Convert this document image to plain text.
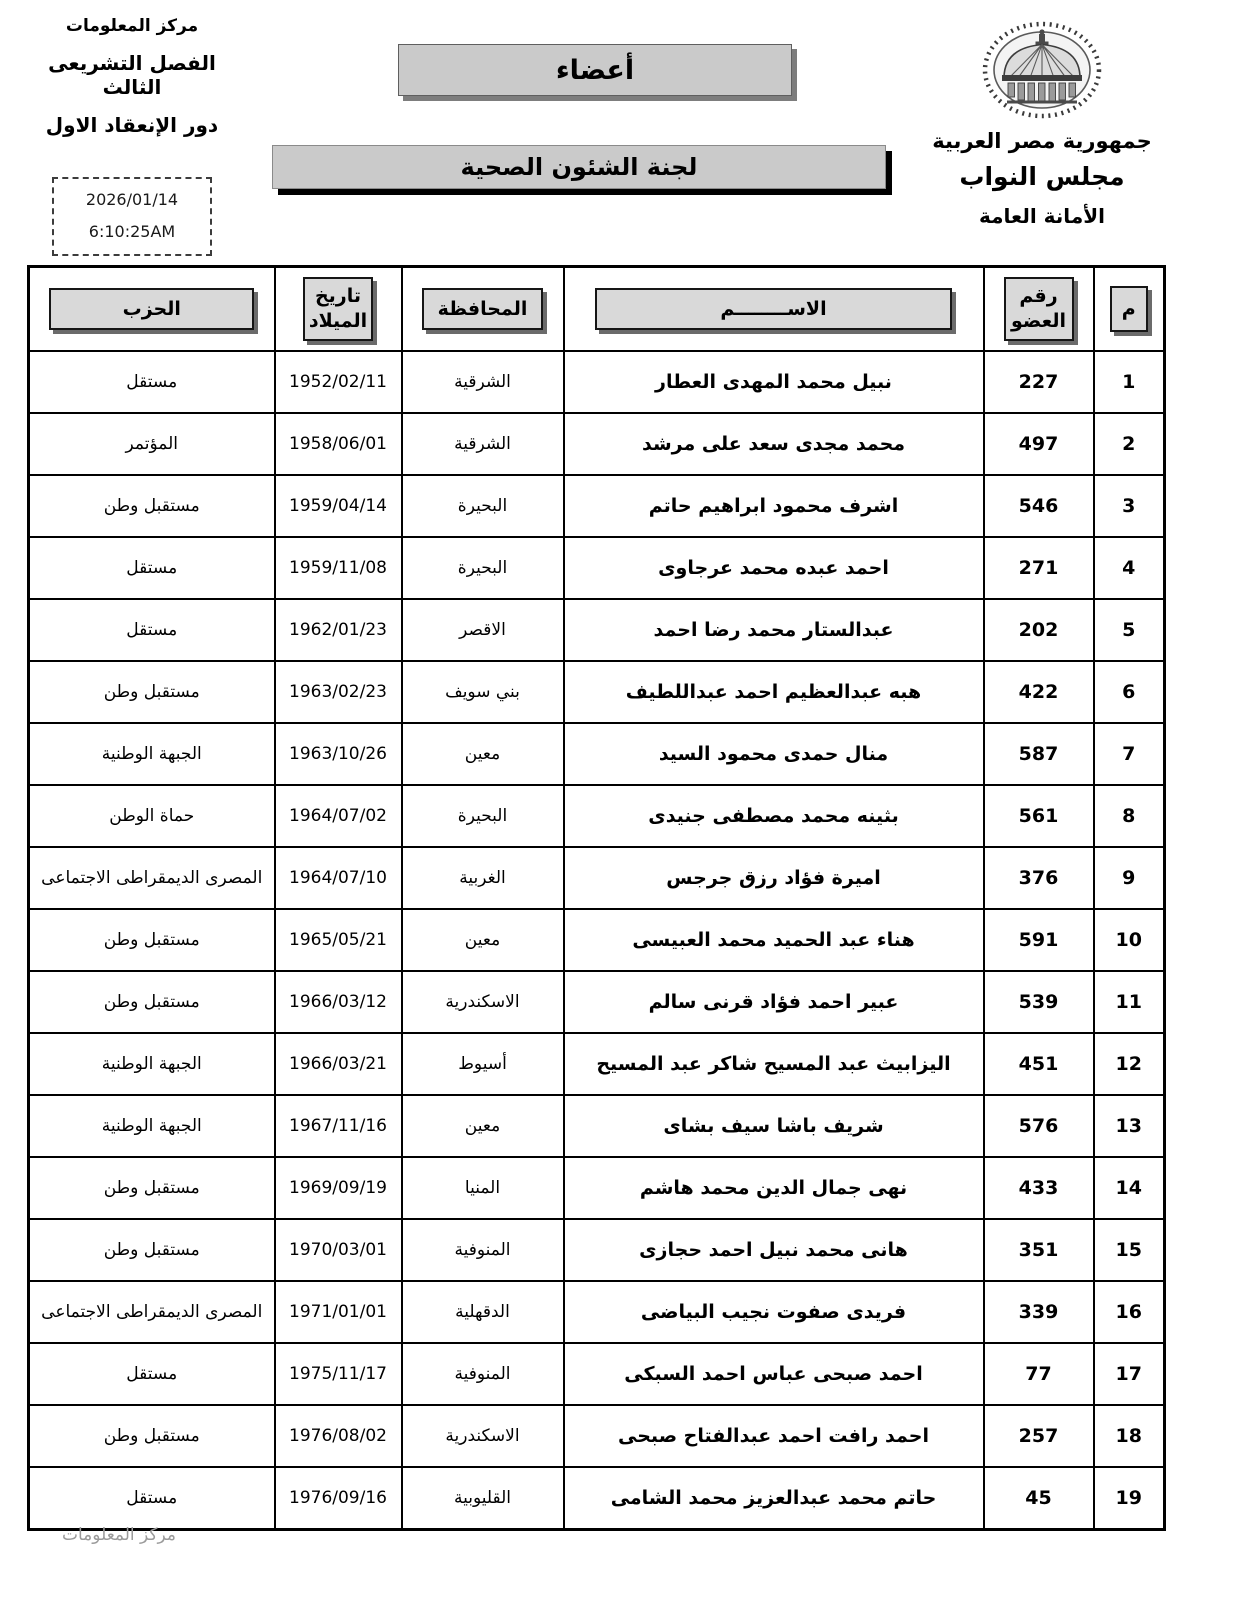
مركز المعلومات
الفصل التشريعى الثالث
دور الإنعقاد الاول
2026/01/14
6:10:25AM
أعضاء
لجنة الشئون الصحية
جمهورية مصر العربية
مجلس النواب
الأمانة العامة
م	رقم العضو	الاســــــــم	المحافظة	تاريخ الميلاد	الحزب

1	227	نبيل محمد المهدى العطار	الشرقية	1952/02/11	مستقل
2	497	محمد مجدى سعد على مرشد	الشرقية	1958/06/01	المؤتمر
3	546	اشرف محمود ابراهيم حاتم	البحيرة	1959/04/14	مستقبل وطن
4	271	احمد عبده محمد عرجاوى	البحيرة	1959/11/08	مستقل
5	202	عبدالستار محمد رضا احمد	الاقصر	1962/01/23	مستقل
6	422	هبه عبدالعظيم احمد عبداللطيف	بني سويف	1963/02/23	مستقبل وطن
7	587	منال حمدى محمود السيد	معين	1963/10/26	الجبهة الوطنية
8	561	بثينه محمد مصطفى جنيدى	البحيرة	1964/07/02	حماة الوطن
9	376	اميرة فؤاد رزق جرجس	الغربية	1964/07/10	المصرى الديمقراطى الاجتماعى
10	591	هناء عبد الحميد محمد العبيسى	معين	1965/05/21	مستقبل وطن
11	539	عبير احمد فؤاد قرنى سالم	الاسكندرية	1966/03/12	مستقبل وطن
12	451	اليزابيث عبد المسيح شاكر عبد المسيح	أسيوط	1966/03/21	الجبهة الوطنية
13	576	شريف باشا سيف بشاى	معين	1967/11/16	الجبهة الوطنية
14	433	نهى جمال الدين محمد هاشم	المنيا	1969/09/19	مستقبل وطن
15	351	هانى محمد نبيل احمد حجازى	المنوفية	1970/03/01	مستقبل وطن
16	339	فريدى صفوت نجيب البياضى	الدقهلية	1971/01/01	المصرى الديمقراطى الاجتماعى
17	77	احمد صبحى عباس احمد السبكى	المنوفية	1975/11/17	مستقل
18	257	احمد رافت احمد عبدالفتاح صبحى	الاسكندرية	1976/08/02	مستقبل وطن
19	45	حاتم محمد عبدالعزيز محمد الشامى	القليوبية	1976/09/16	مستقل
مركز المعلومات
